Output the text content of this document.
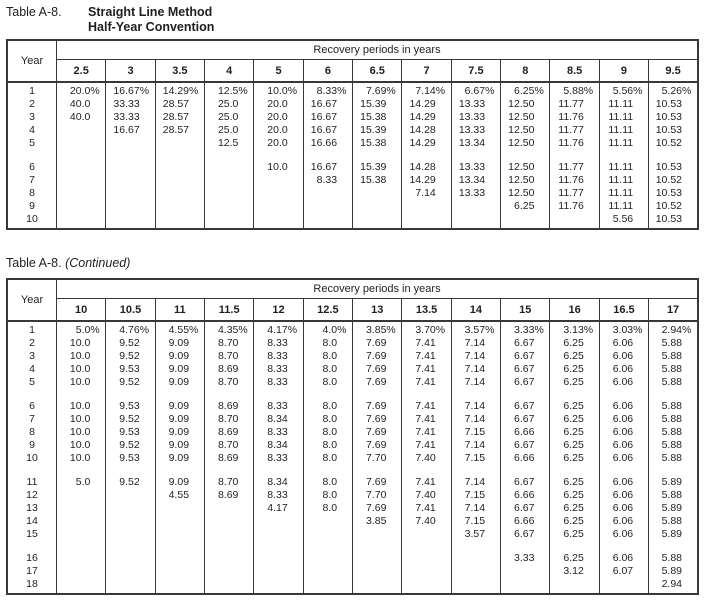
Table A-8.	Straight Line Method
Half-Year Convention
Year	Recovery periods in years												
	2.5	3	3.5	4	5	6	6.5	7	7.5	8	8.5	9	9.5

1	20.0 %	16.67 %	14.29 %	12.5 %	10.0 %	8.33 %	7.69 %	7.14 %	6.67 %	6.25 %	5.88 %	5.56 %	5.26 %

2	40.0	33.33	28.57	25.0	20.0	16.67	15.39	14.29	13.33	12.50	11.77	11.11	10.53

3	40.0	33.33	28.57	25.0	20.0	16.67	15.38	14.29	13.33	12.50	11.76	11.11	10.53

4		16.67	28.57	25.0	20.0	16.67	15.39	14.28	13.33	12.50	11.77	11.11	10.53

5				12.5	20.0	16.66	15.38	14.29	13.34	12.50	11.76	11.11	10.52

6					10.0	16.67	15.39	14.28	13.33	12.50	11.77	11.11	10.53

7						8.33	15.38	14.29	13.34	12.50	11.76	11.11	10.52

8								7.14	13.33	12.50	11.77	11.11	10.53

9										6.25	11.76	11.11	10.52

10												5.56	10.53

Table A-8. (Continued)
Year	Recovery periods in years												
	10	10.5	11	11.5	12	12.5	13	13.5	14	15	16	16.5	17

1	5.0 %	4.76 %	4.55 %	4.35 %	4.17 %	4.0 %	3.85 %	3.70 %	3.57 %	3.33 %	3.13 %	3.03 %	2.94 %

2	10.0	9.52	9.09	8.70	8.33	8.0	7.69	7.41	7.14	6.67	6.25	6.06	5.88

3	10.0	9.52	9.09	8.70	8.33	8.0	7.69	7.41	7.14	6.67	6.25	6.06	5.88

4	10.0	9.53	9.09	8.69	8.33	8.0	7.69	7.41	7.14	6.67	6.25	6.06	5.88

5	10.0	9.52	9.09	8.70	8.33	8.0	7.69	7.41	7.14	6.67	6.25	6.06	5.88

6	10.0	9.53	9.09	8.69	8.33	8.0	7.69	7.41	7.14	6.67	6.25	6.06	5.88

7	10.0	9.52	9.09	8.70	8.34	8.0	7.69	7.41	7.14	6.67	6.25	6.06	5.88

8	10.0	9.53	9.09	8.69	8.33	8.0	7.69	7.41	7.15	6.66	6.25	6.06	5.88

9	10.0	9.52	9.09	8.70	8.34	8.0	7.69	7.41	7.14	6.67	6.25	6.06	5.88

10	10.0	9.53	9.09	8.69	8.33	8.0	7.70	7.40	7.15	6.66	6.25	6.06	5.88

11	5.0	9.52	9.09	8.70	8.34	8.0	7.69	7.41	7.14	6.67	6.25	6.06	5.89

12			4.55	8.69	8.33	8.0	7.70	7.40	7.15	6.66	6.25	6.06	5.88

13					4.17	8.0	7.69	7.41	7.14	6.67	6.25	6.06	5.89

14							3.85	7.40	7.15	6.66	6.25	6.06	5.88

15									3.57	6.67	6.25	6.06	5.89

16										3.33	6.25	6.06	5.88

17											3.12	6.07	5.89

18													2.94
